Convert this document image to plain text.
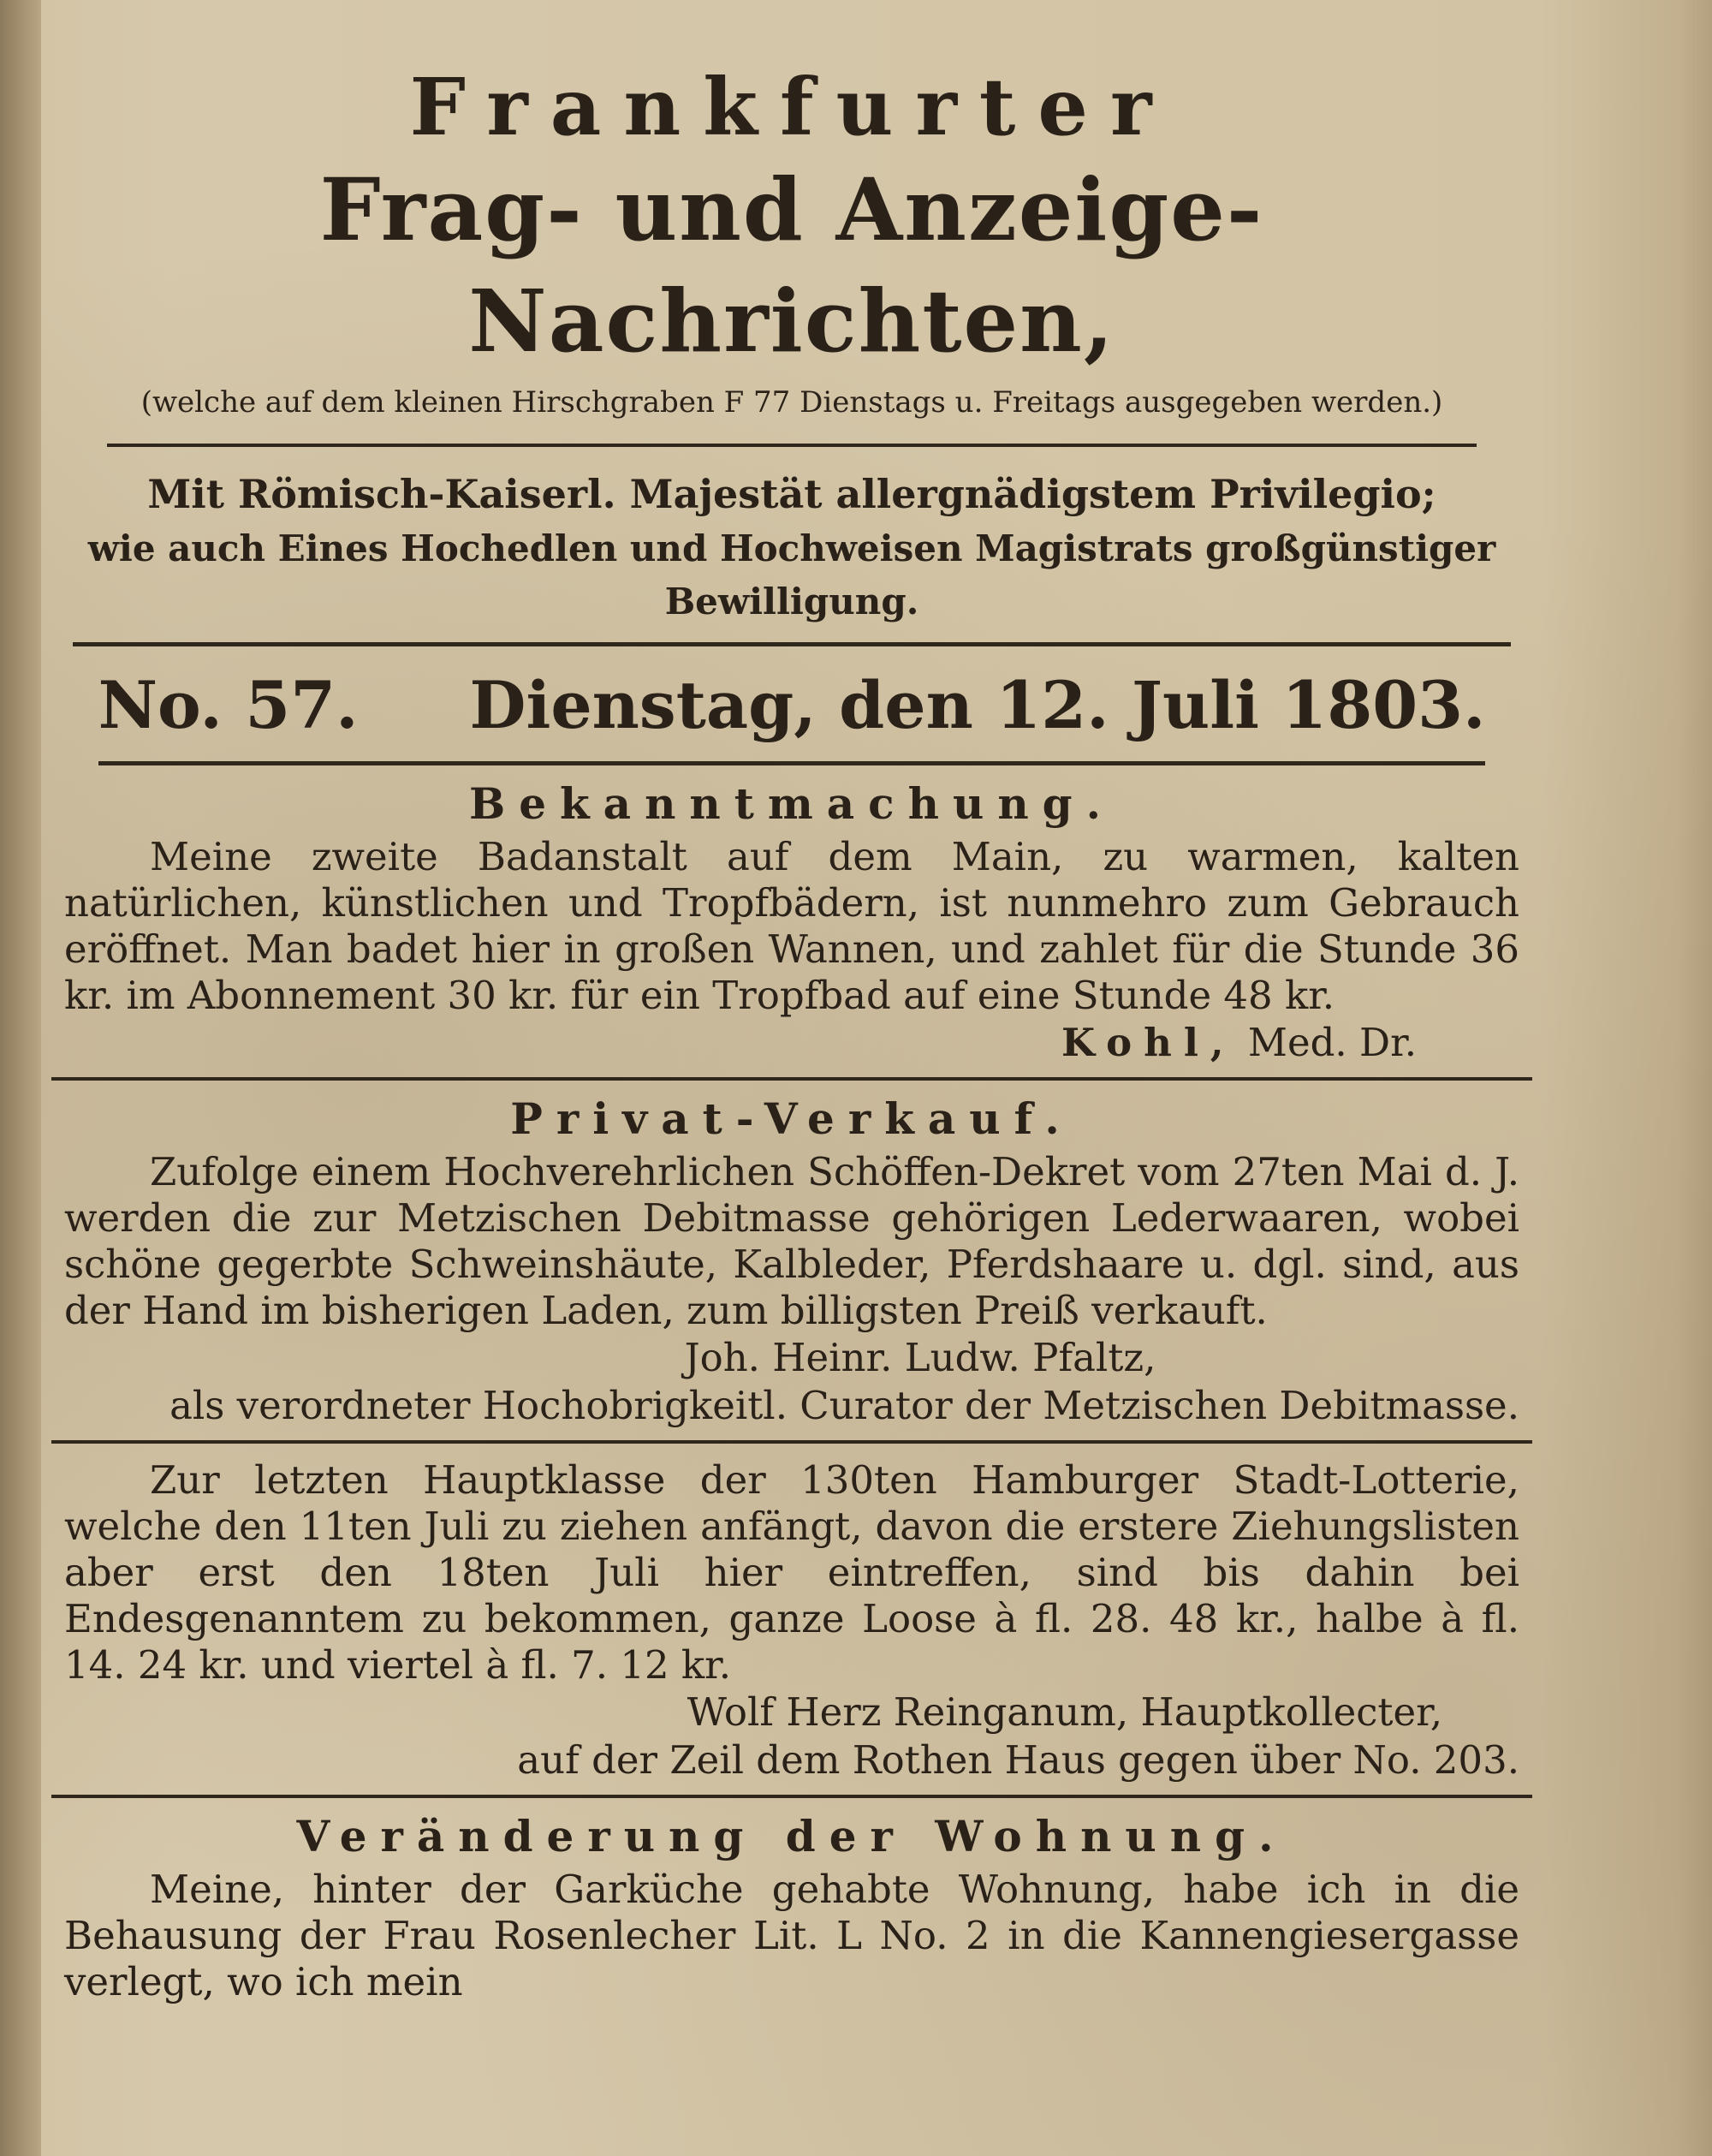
Frankfurter

Frag- und Anzeige-Nachrichten,

(welche auf dem kleinen Hirschgraben F 77 Dienstags u. Freitags ausgegeben werden.)

Mit Römisch-Kaiserl. Majestät allergnädigstem Privilegio;

wie auch Eines Hochedlen und Hochweisen Magistrats großgünstiger Bewilligung.

No. 57. Dienstag, den 12. Juli 1803.

Bekanntmachung.

Meine zweite Badanstalt auf dem Main, zu warmen, kalten natürlichen, künstlichen und Tropfbädern, ist nunmehro zum Gebrauch eröffnet. Man badet hier in großen Wannen, und zahlet für die Stunde 36 kr. im Abonnement 30 kr. für ein Tropfbad auf eine Stunde 48 kr.

Kohl, Med. Dr.

Privat-Verkauf.

Zufolge einem Hochverehrlichen Schöffen-Dekret vom 27ten Mai d. J. werden die zur Metzischen Debitmasse gehörigen Lederwaaren, wobei schöne gegerbte Schweinshäute, Kalbleder, Pferdshaare u. dgl. sind, aus der Hand im bisherigen Laden, zum billigsten Preiß verkauft.

Joh. Heinr. Ludw. Pfaltz,

als verordneter Hochobrigkeitl. Curator der Metzischen Debitmasse.

Zur letzten Hauptklasse der 130ten Hamburger Stadt-Lotterie, welche den 11ten Juli zu ziehen anfängt, davon die erstere Ziehungslisten aber erst den 18ten Juli hier eintreffen, sind bis dahin bei Endesgenanntem zu bekommen, ganze Loose à fl. 28. 48 kr., halbe à fl. 14. 24 kr. und viertel à fl. 7. 12 kr.

Wolf Herz Reinganum, Hauptkollecter,

auf der Zeil dem Rothen Haus gegen über No. 203.

Veränderung der Wohnung.

Meine, hinter der Garküche gehabte Wohnung, habe ich in die Behausung der Frau Rosenlecher Lit. L No. 2 in die Kannengiesergasse verlegt, wo ich mein
